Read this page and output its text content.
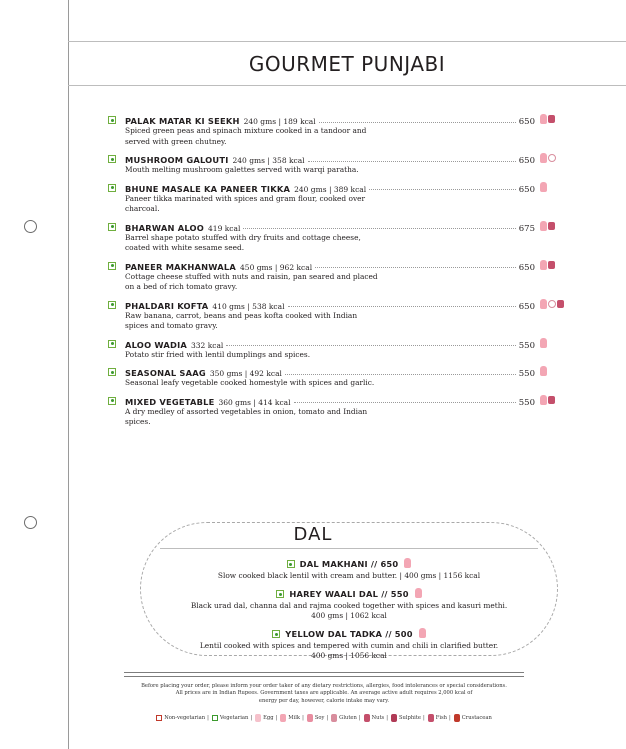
GOURMET PUNJABI
PALAK MATAR KI SEEKH 240 gms | 189 kcal	650
Spiced green peas and spinach mixture cooked in a tandoor and served with green chutney.
MUSHROOM GALOUTI 240 gms | 358 kcal	650
Mouth melting mushroom galettes served with warqi paratha.
BHUNE MASALE KA PANEER TIKKA 240 gms | 389 kcal	650
Paneer tikka marinated with spices and gram flour, cooked over charcoal.
BHARWAN ALOO 419 kcal	675
Barrel shape potato stuffed with dry fruits and cottage cheese, coated with white sesame seed.
PANEER MAKHANWALA 450 gms | 962 kcal	650
Cottage cheese stuffed with nuts and raisin, pan seared and placed on a bed of rich tomato gravy.
PHALDARI KOFTA 410 gms | 538 kcal	650
Raw banana, carrot, beans and peas kofta cooked with Indian spices and tomato gravy.
ALOO WADIA 332 kcal	550
Potato stir fried with lentil dumplings and spices.
SEASONAL SAAG 350 gms | 492 kcal	550
Seasonal leafy vegetable cooked homestyle with spices and garlic.
MIXED VEGETABLE 360 gms | 414 kcal	550
A dry medley of assorted vegetables in onion, tomato and Indian spices.
DAL
DAL MAKHANI // 650
Slow cooked black lentil with cream and butter. | 400 gms | 1156 kcal
HAREY WAALI DAL // 550
Black urad dal, channa dal and rajma cooked together with spices and kasuri methi.
400 gms | 1062 kcal
YELLOW DAL TADKA // 500
Lentil cooked with spices and tempered with cumin and chili in clarified butter.
400 gms | 1056 kcal
Before placing your order, please inform your order taker of any dietary restrictions, allergies, food intolerances or special considerations.
All prices are in Indian Rupees. Government taxes are applicable. An average active adult requires 2,000 kcal of
energy per day, however, calorie intake may vary.
Non-vegetarian | Vegetarian | Egg | Milk | Soy | Gluten | Nuts | Sulphite | Fish | Crustacean
